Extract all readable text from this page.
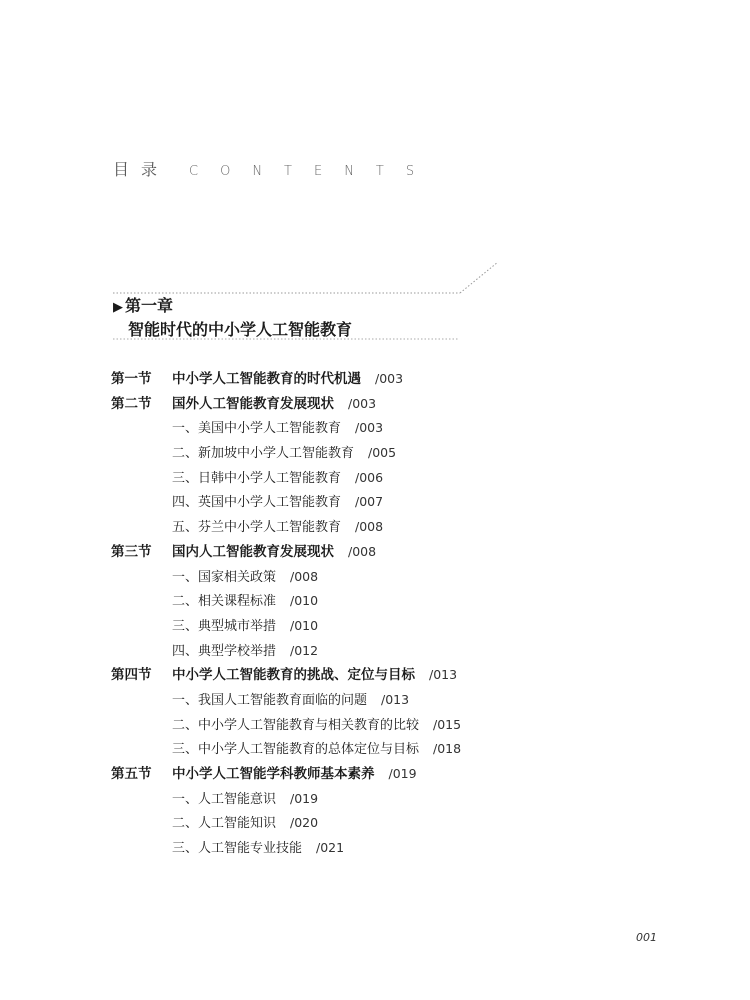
目录 CONTENTS
▶ 第一章
智能时代的中小学人工智能教育
第一节 中小学人工智能教育的时代机遇 /003
第二节 国外人工智能教育发展现状 /003
一、美国中小学人工智能教育 /003
二、新加坡中小学人工智能教育 /005
三、日韩中小学人工智能教育 /006
四、英国中小学人工智能教育 /007
五、芬兰中小学人工智能教育 /008
第三节 国内人工智能教育发展现状 /008
一、国家相关政策 /008
二、相关课程标准 /010
三、典型城市举措 /010
四、典型学校举措 /012
第四节 中小学人工智能教育的挑战、定位与目标 /013
一、我国人工智能教育面临的问题 /013
二、中小学人工智能教育与相关教育的比较 /015
三、中小学人工智能教育的总体定位与目标 /018
第五节 中小学人工智能学科教师基本素养 /019
一、人工智能意识 /019
二、人工智能知识 /020
三、人工智能专业技能 /021
001
